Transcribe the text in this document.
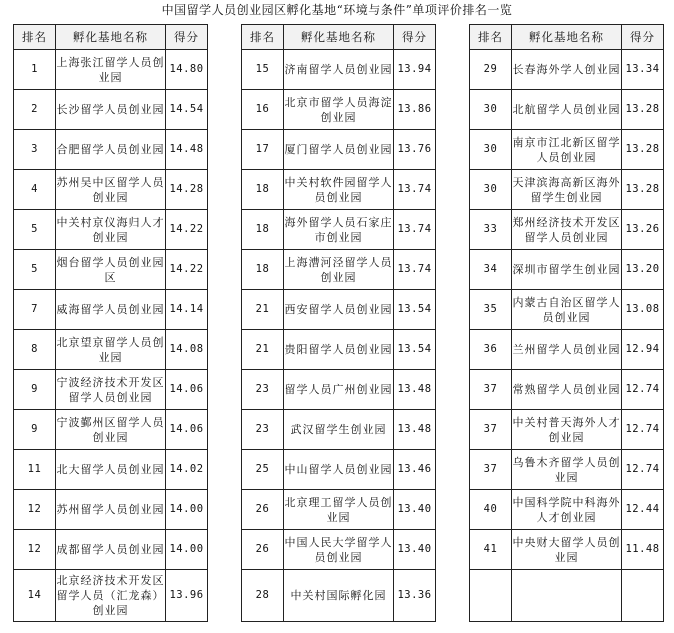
中国留学人员创业园区孵化基地“环境与条件”单项评价排名一览
排名	孵化基地名称	得分
1	上海张江留学人员创业园	14.80
2	长沙留学人员创业园	14.54
3	合肥留学人员创业园	14.48
4	苏州吴中区留学人员创业园	14.28
5	中关村京仪海归人才创业园	14.22
5	烟台留学人员创业园区	14.22
7	威海留学人员创业园	14.14
8	北京望京留学人员创业园	14.08
9	宁波经济技术开发区留学人员创业园	14.06
9	宁波鄞州区留学人员创业园	14.06
11	北大留学人员创业园	14.02
12	苏州留学人员创业园	14.00
12	成都留学人员创业园	14.00
14	北京经济技术开发区留学人员（汇龙森）创业园	13.96
排名	孵化基地名称	得分
15	济南留学人员创业园	13.94
16	北京市留学人员海淀创业园	13.86
17	厦门留学人员创业园	13.76
18	中关村软件园留学人员创业园	13.74
18	海外留学人员石家庄市创业园	13.74
18	上海漕河泾留学人员创业园	13.74
21	西安留学人员创业园	13.54
21	贵阳留学人员创业园	13.54
23	留学人员广州创业园	13.48
23	武汉留学生创业园	13.48
25	中山留学人员创业园	13.46
26	北京理工留学人员创业园	13.40
26	中国人民大学留学人员创业园	13.40
28	中关村国际孵化园	13.36
排名	孵化基地名称	得分
29	长春海外学人创业园	13.34
30	北航留学人员创业园	13.28
30	南京市江北新区留学人员创业园	13.28
30	天津滨海高新区海外留学生创业园	13.28
33	郑州经济技术开发区留学人员创业园	13.26
34	深圳市留学生创业园	13.20
35	内蒙古自治区留学人员创业园	13.08
36	兰州留学人员创业园	12.94
37	常熟留学人员创业园	12.74
37	中关村普天海外人才创业园	12.74
37	乌鲁木齐留学人员创业园	12.74
40	中国科学院中科海外人才创业园	12.44
41	中央财大留学人员创业园	11.48
